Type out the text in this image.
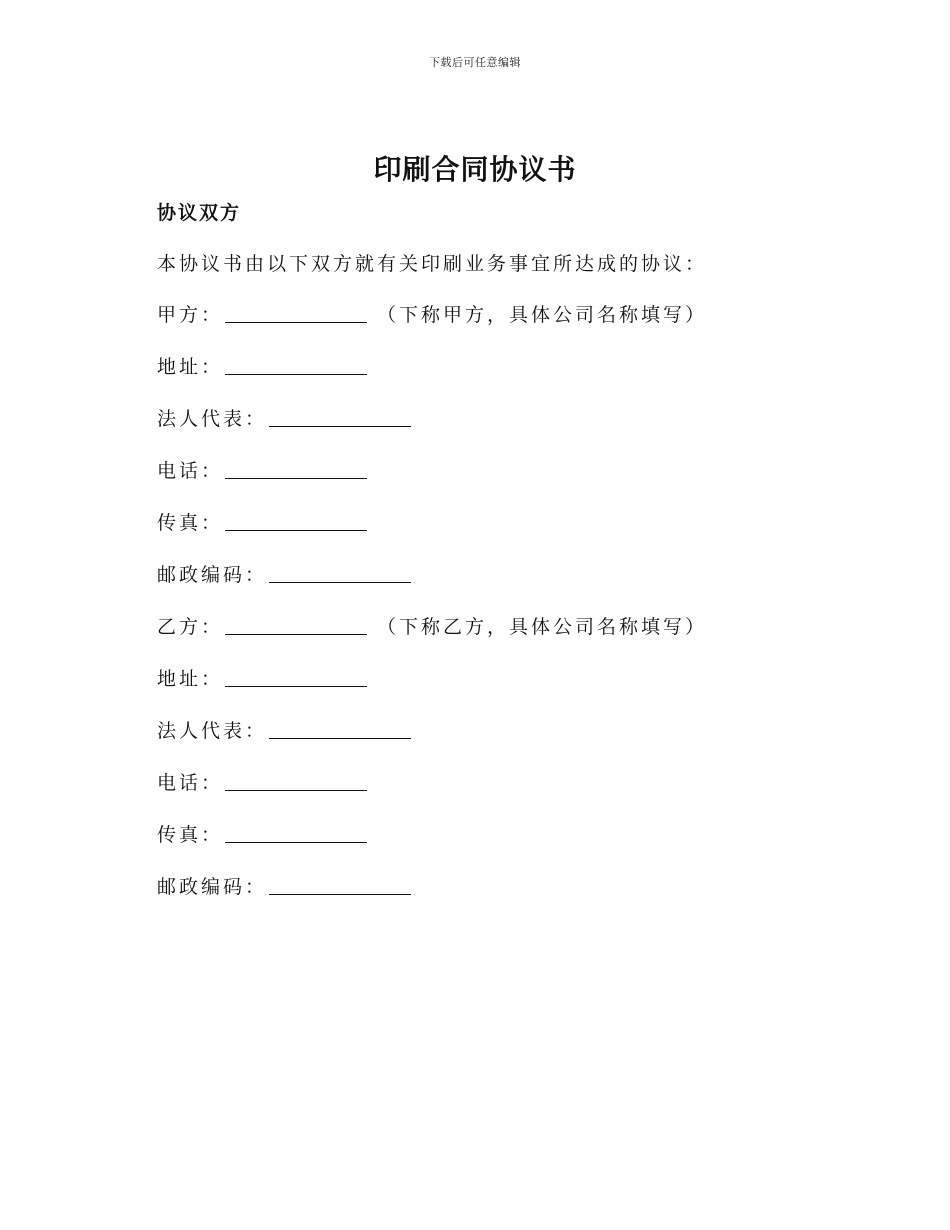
下载后可任意编辑
印刷合同协议书
协议双方

本协议书由以下双方就有关印刷业务事宜所达成的协议：

甲方：	（下称甲方，具体公司名称填写）
地址：
法人代表：
电话：
传真：
邮政编码：
乙方：	（下称乙方，具体公司名称填写）
地址：
法人代表：
电话：
传真：
邮政编码：
